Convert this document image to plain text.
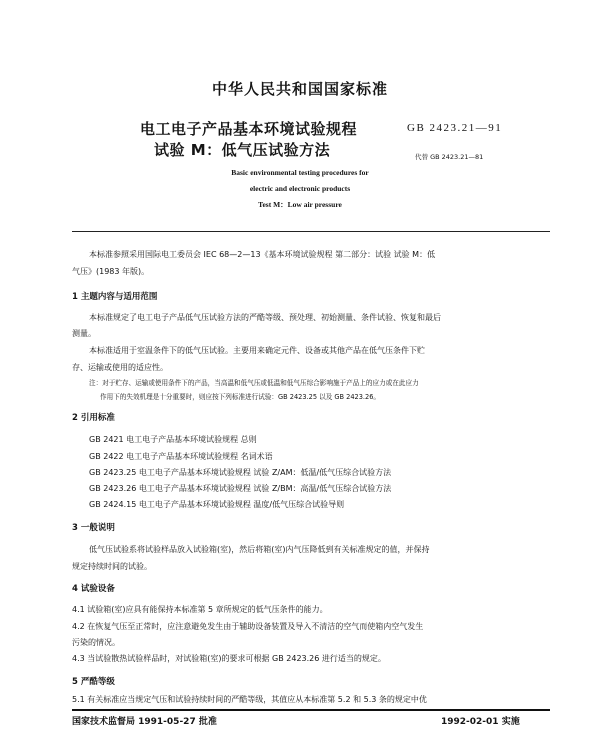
中华人民共和国国家标准
电工电子产品基本环境试验规程
试验 M：低气压试验方法
GB 2423.21—91
代替 GB 2423.21—81
Basic environmental testing procedures for
electric and electronic products
Test M：Low air pressure
本标准参照采用国际电工委员会 IEC 68—2—13《基本环境试验规程 第二部分：试验 试验 M：低
气压》(1983 年版)。
1 主题内容与适用范围
本标准规定了电工电子产品低气压试验方法的严酷等级、预处理、初始测量、条件试验、恢复和最后
测量。
本标准适用于室温条件下的低气压试验。主要用来确定元件、设备或其他产品在低气压条件下贮
存、运输或使用的适应性。
注：对于贮存、运输或使用条件下的产品，当高温和低气压或低温和低气压综合影响施于产品上的应力或在此应力
作用下的失效机理是十分重要时，则应按下列标准进行试验：GB 2423.25 以及 GB 2423.26。
2 引用标准
GB 2421 电工电子产品基本环境试验规程 总则
GB 2422 电工电子产品基本环境试验规程 名词术语
GB 2423.25 电工电子产品基本环境试验规程 试验 Z/AM：低温/低气压综合试验方法
GB 2423.26 电工电子产品基本环境试验规程 试验 Z/BM：高温/低气压综合试验方法
GB 2424.15 电工电子产品基本环境试验规程 温度/低气压综合试验导则
3 一般说明
低气压试验系将试验样品放入试验箱(室)，然后将箱(室)内气压降低到有关标准规定的值，并保持
规定持续时间的试验。
4 试验设备
4.1 试验箱(室)应具有能保持本标准第 5 章所规定的低气压条件的能力。
4.2 在恢复气压至正常时，应注意避免发生由于辅助设备装置及导入不清洁的空气而使箱内空气发生
污染的情况。
4.3 当试验散热试验样品时，对试验箱(室)的要求可根据 GB 2423.26 进行适当的规定。
5 严酷等级
5.1 有关标准应当规定气压和试验持续时间的严酷等级，其值应从本标准第 5.2 和 5.3 条的规定中优
国家技术监督局 1991-05-27 批准	1992-02-01 实施
